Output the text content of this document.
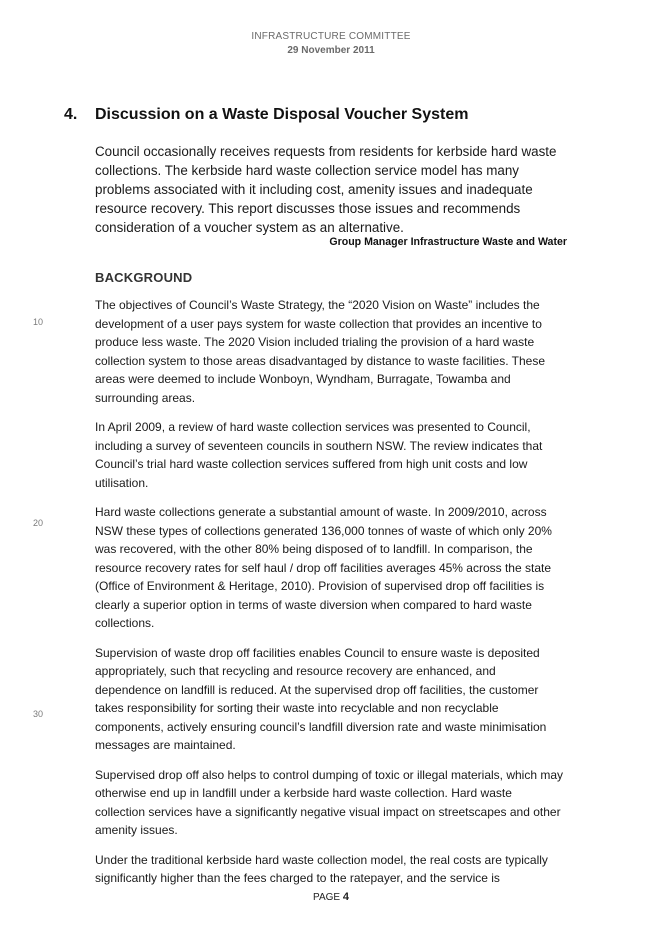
INFRASTRUCTURE COMMITTEE
29 November 2011
4. Discussion on a Waste Disposal Voucher System
Council occasionally receives requests from residents for kerbside hard waste collections. The kerbside hard waste collection service model has many problems associated with it including cost, amenity issues and inadequate resource recovery. This report discusses those issues and recommends consideration of a voucher system as an alternative.
Group Manager Infrastructure Waste and Water
BACKGROUND

The objectives of Council’s Waste Strategy, the “2020 Vision on Waste” includes the development of a user pays system for waste collection that provides an incentive to produce less waste. The 2020 Vision included trialing the provision of a hard waste collection system to those areas disadvantaged by distance to waste facilities. These areas were deemed to include Wonboyn, Wyndham, Burragate, Towamba and surrounding areas.

In April 2009, a review of hard waste collection services was presented to Council, including a survey of seventeen councils in southern NSW. The review indicates that Council’s trial hard waste collection services suffered from high unit costs and low utilisation.

Hard waste collections generate a substantial amount of waste. In 2009/2010, across NSW these types of collections generated 136,000 tonnes of waste of which only 20% was recovered, with the other 80% being disposed of to landfill. In comparison, the resource recovery rates for self haul / drop off facilities averages 45% across the state (Office of Environment & Heritage, 2010). Provision of supervised drop off facilities is clearly a superior option in terms of waste diversion when compared to hard waste collections.

Supervision of waste drop off facilities enables Council to ensure waste is deposited appropriately, such that recycling and resource recovery are enhanced, and dependence on landfill is reduced. At the supervised drop off facilities, the customer takes responsibility for sorting their waste into recyclable and non recyclable components, actively ensuring council’s landfill diversion rate and waste minimisation messages are maintained.

Supervised drop off also helps to control dumping of toxic or illegal materials, which may otherwise end up in landfill under a kerbside hard waste collection. Hard waste collection services have a significantly negative visual impact on streetscapes and other amenity issues.

Under the traditional kerbside hard waste collection model, the real costs are typically significantly higher than the fees charged to the ratepayer, and the service is

10
20
30
PAGE 4
